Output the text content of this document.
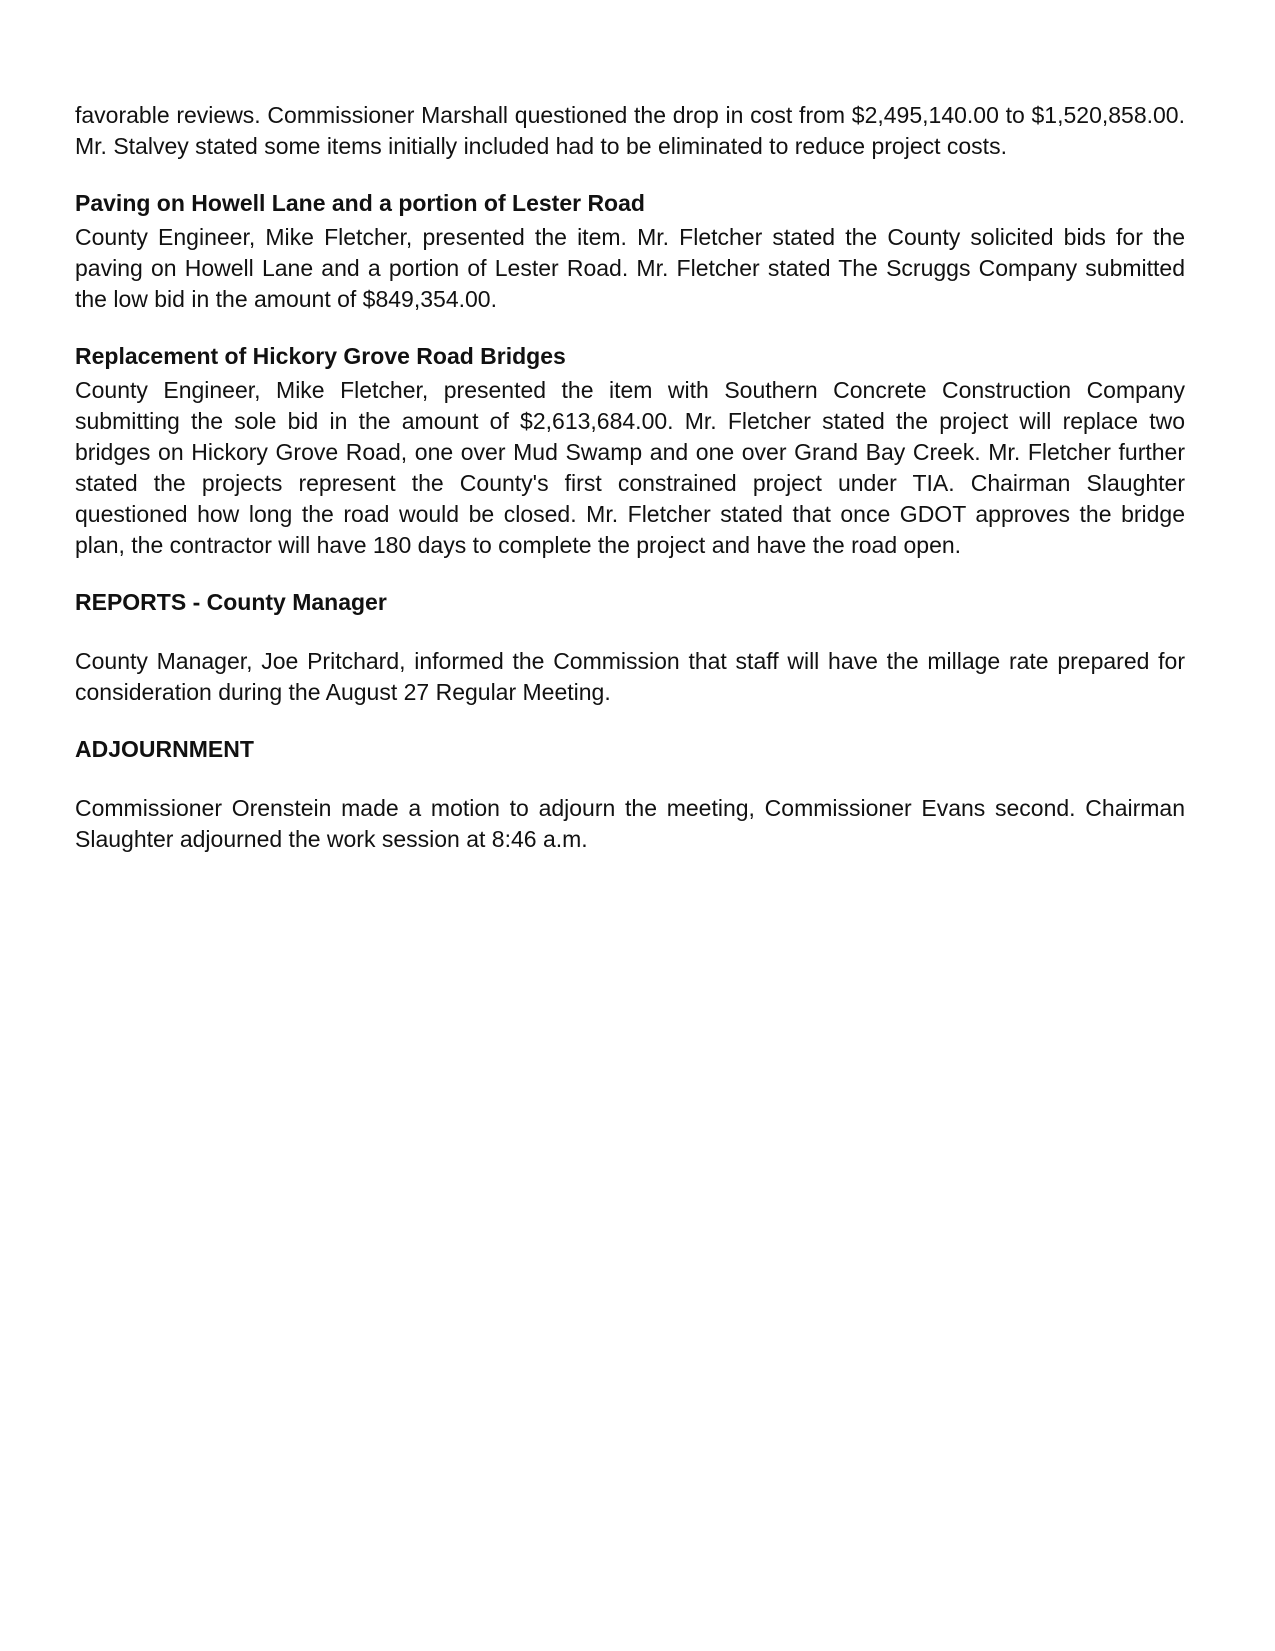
favorable reviews. Commissioner Marshall questioned the drop in cost from $2,495,140.00 to $1,520,858.00. Mr. Stalvey stated some items initially included had to be eliminated to reduce project costs.

Paving on Howell Lane and a portion of Lester Road

County Engineer, Mike Fletcher, presented the item. Mr. Fletcher stated the County solicited bids for the paving on Howell Lane and a portion of Lester Road. Mr. Fletcher stated The Scruggs Company submitted the low bid in the amount of $849,354.00.

Replacement of Hickory Grove Road Bridges

County Engineer, Mike Fletcher, presented the item with Southern Concrete Construction Company submitting the sole bid in the amount of $2,613,684.00. Mr. Fletcher stated the project will replace two bridges on Hickory Grove Road, one over Mud Swamp and one over Grand Bay Creek. Mr. Fletcher further stated the projects represent the County's first constrained project under TIA. Chairman Slaughter questioned how long the road would be closed. Mr. Fletcher stated that once GDOT approves the bridge plan, the contractor will have 180 days to complete the project and have the road open.

REPORTS - County Manager

County Manager, Joe Pritchard, informed the Commission that staff will have the millage rate prepared for consideration during the August 27 Regular Meeting.

ADJOURNMENT

Commissioner Orenstein made a motion to adjourn the meeting, Commissioner Evans second. Chairman Slaughter adjourned the work session at 8:46 a.m.
